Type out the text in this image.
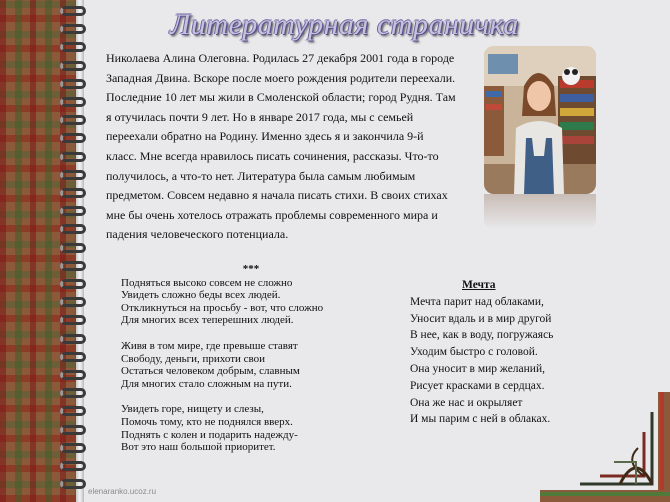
Литературная страничка

Николаева Алина Олеговна. Родилась 27 декабря 2001 года в городе Западная Двина. Вскоре после моего рождения родители переехали. Последние 10 лет мы жили в Смоленской области; город Рудня. Там я отучилась почти 9 лет. Но в январе 2017 года, мы с семьей переехали обратно на Родину. Именно здесь я и закончила 9-й класс. Мне всегда нравилось писать сочинения, рассказы. Что-то получилось, а что-то нет. Литература была самым любимым предметом. Совсем недавно я начала писать стихи. В своих стихах мне бы очень хотелось отражать проблемы современного мира и падения человеческого потенциала.

***
Подняться высоко совсем не сложно
Увидеть сложно беды всех людей.
Откликнуться на просьбу - вот, что сложно
Для многих всех теперешних людей.
Живя в том мире, где превыше ставят
Свободу, деньги, прихоти свои
Остаться человеком добрым, славным
Для многих стало сложным на пути.
Увидеть горе, нищету и слезы,
Помочь тому, кто не поднялся вверх.
Поднять с колен и подарить надежду-
Вот это наш большой приоритет.
Мечта
Мечта парит над облаками,
Уносит вдаль и в мир другой
В нее, как в воду, погружаясь
Уходим быстро с головой.
Она уносит в мир желаний,
Рисует красками в сердцах.
Она же нас и окрыляет
И мы парим с ней в облаках.
elenaranko.ucoz.ru
